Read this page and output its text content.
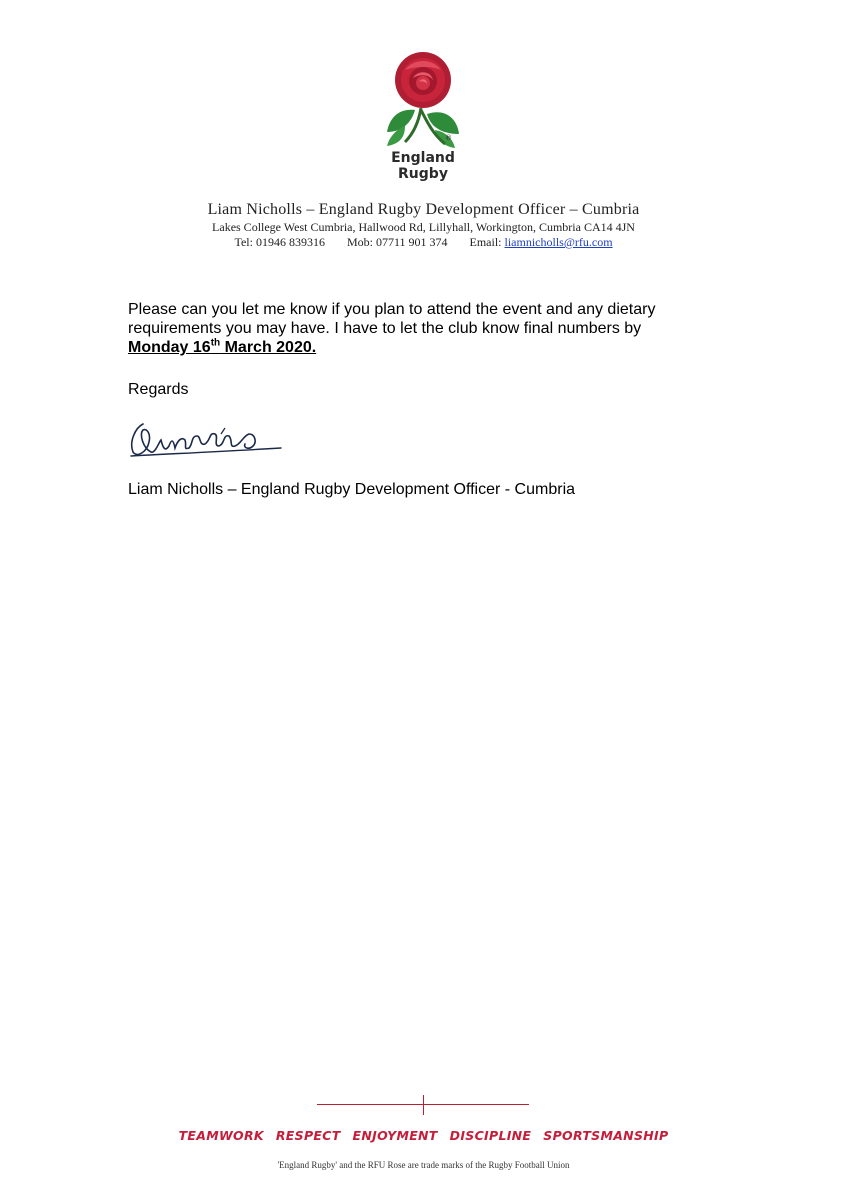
®
England
Rugby
Liam Nicholls – England Rugby Development Officer – Cumbria
Lakes College West Cumbria, Hallwood Rd, Lillyhall, Workington, Cumbria CA14 4JN
Tel: 01946 839316 Mob: 07711 901 374 Email: liamnicholls@rfu.com
Please can you let me know if you plan to attend the event and any dietary requirements you may have. I have to let the club know final numbers by
Monday 16th March 2020.
Regards
Liam Nicholls – England Rugby Development Officer - Cumbria
TEAMWORK RESPECT ENJOYMENT DISCIPLINE SPORTSMANSHIP
'England Rugby' and the RFU Rose are trade marks of the Rugby Football Union
